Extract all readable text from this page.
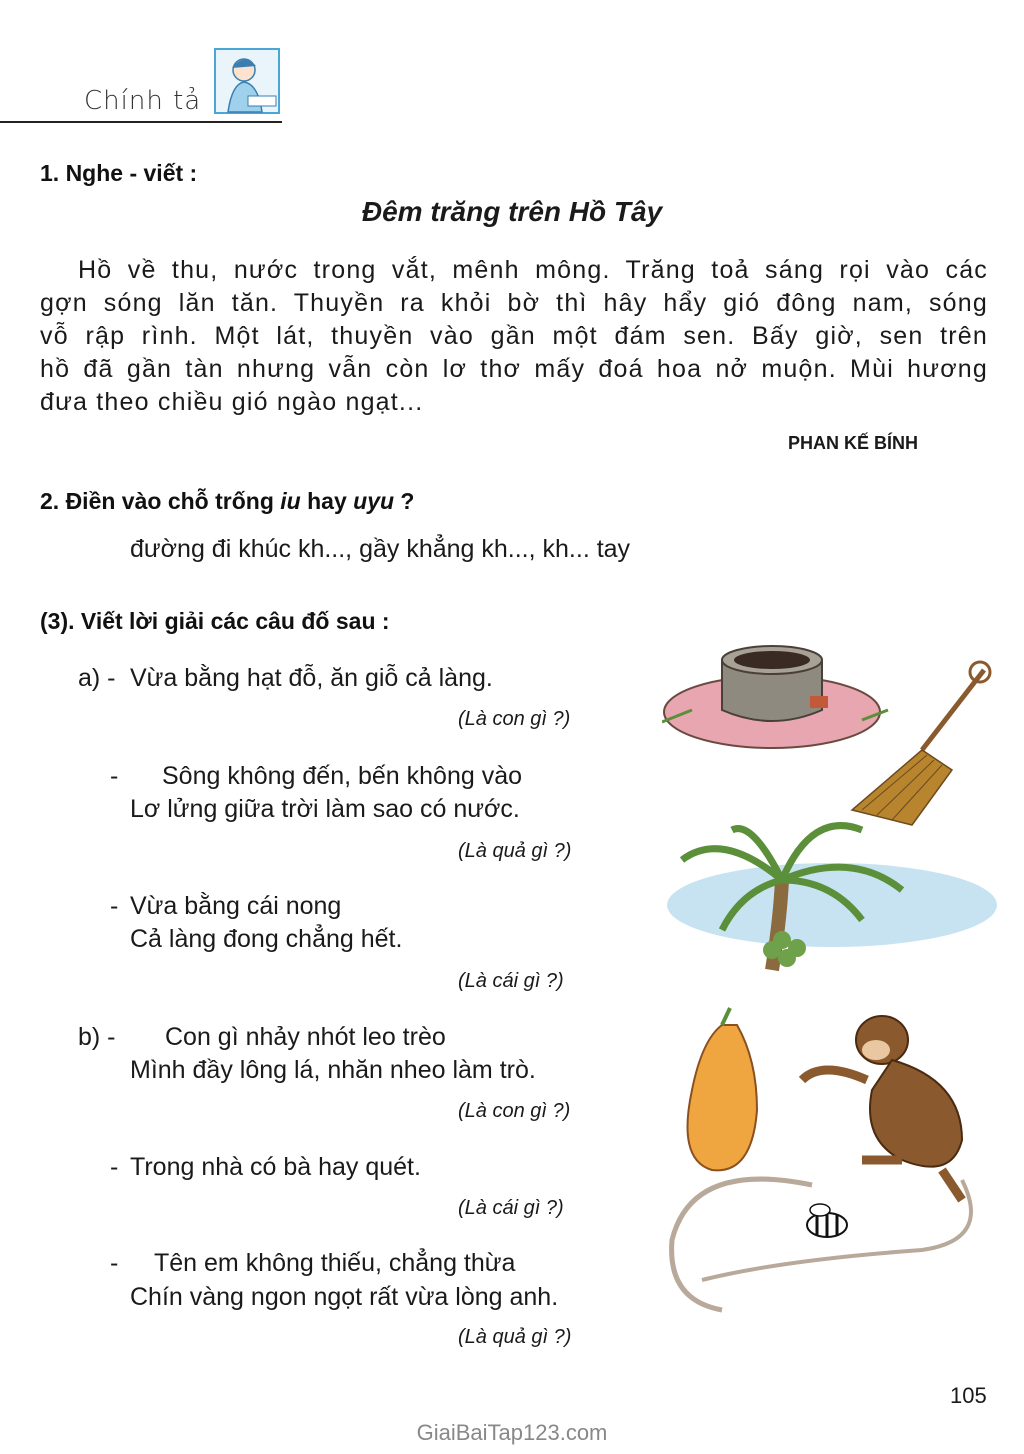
Chính tả
1. Nghe - viết :
Đêm trăng trên Hồ Tây
Hồ về thu, nước trong vắt, mênh mông. Trăng toả sáng rọi vào các
gợn sóng lăn tăn. Thuyền ra khỏi bờ thì hây hẩy gió đông nam, sóng
vỗ rập rình. Một lát, thuyền vào gần một đám sen. Bấy giờ, sen trên
hồ đã gần tàn nhưng vẫn còn lơ thơ mấy đoá hoa nở muộn. Mùi hương
đưa theo chiều gió ngào ngạt...
PHAN KẾ BÍNH
2. Điền vào chỗ trống iu hay uyu ?
đường đi khúc kh..., gầy khẳng kh..., kh... tay
(3). Viết lời giải các câu đố sau :
a) - Vừa bằng hạt đỗ, ăn giỗ cả làng.
(Là con gì ?)
- Sông không đến, bến không vào
Lơ lửng giữa trời làm sao có nước.
(Là quả gì ?)
- Vừa bằng cái nong
Cả làng đong chẳng hết.
(Là cái gì ?)
b) - Con gì nhảy nhót leo trèo
Mình đầy lông lá, nhăn nheo làm trò.
(Là con gì ?)
- Trong nhà có bà hay quét.
(Là cái gì ?)
- Tên em không thiếu, chẳng thừa
Chín vàng ngon ngọt rất vừa lòng anh.
(Là quả gì ?)
105
GiaiBaiTap123.com
